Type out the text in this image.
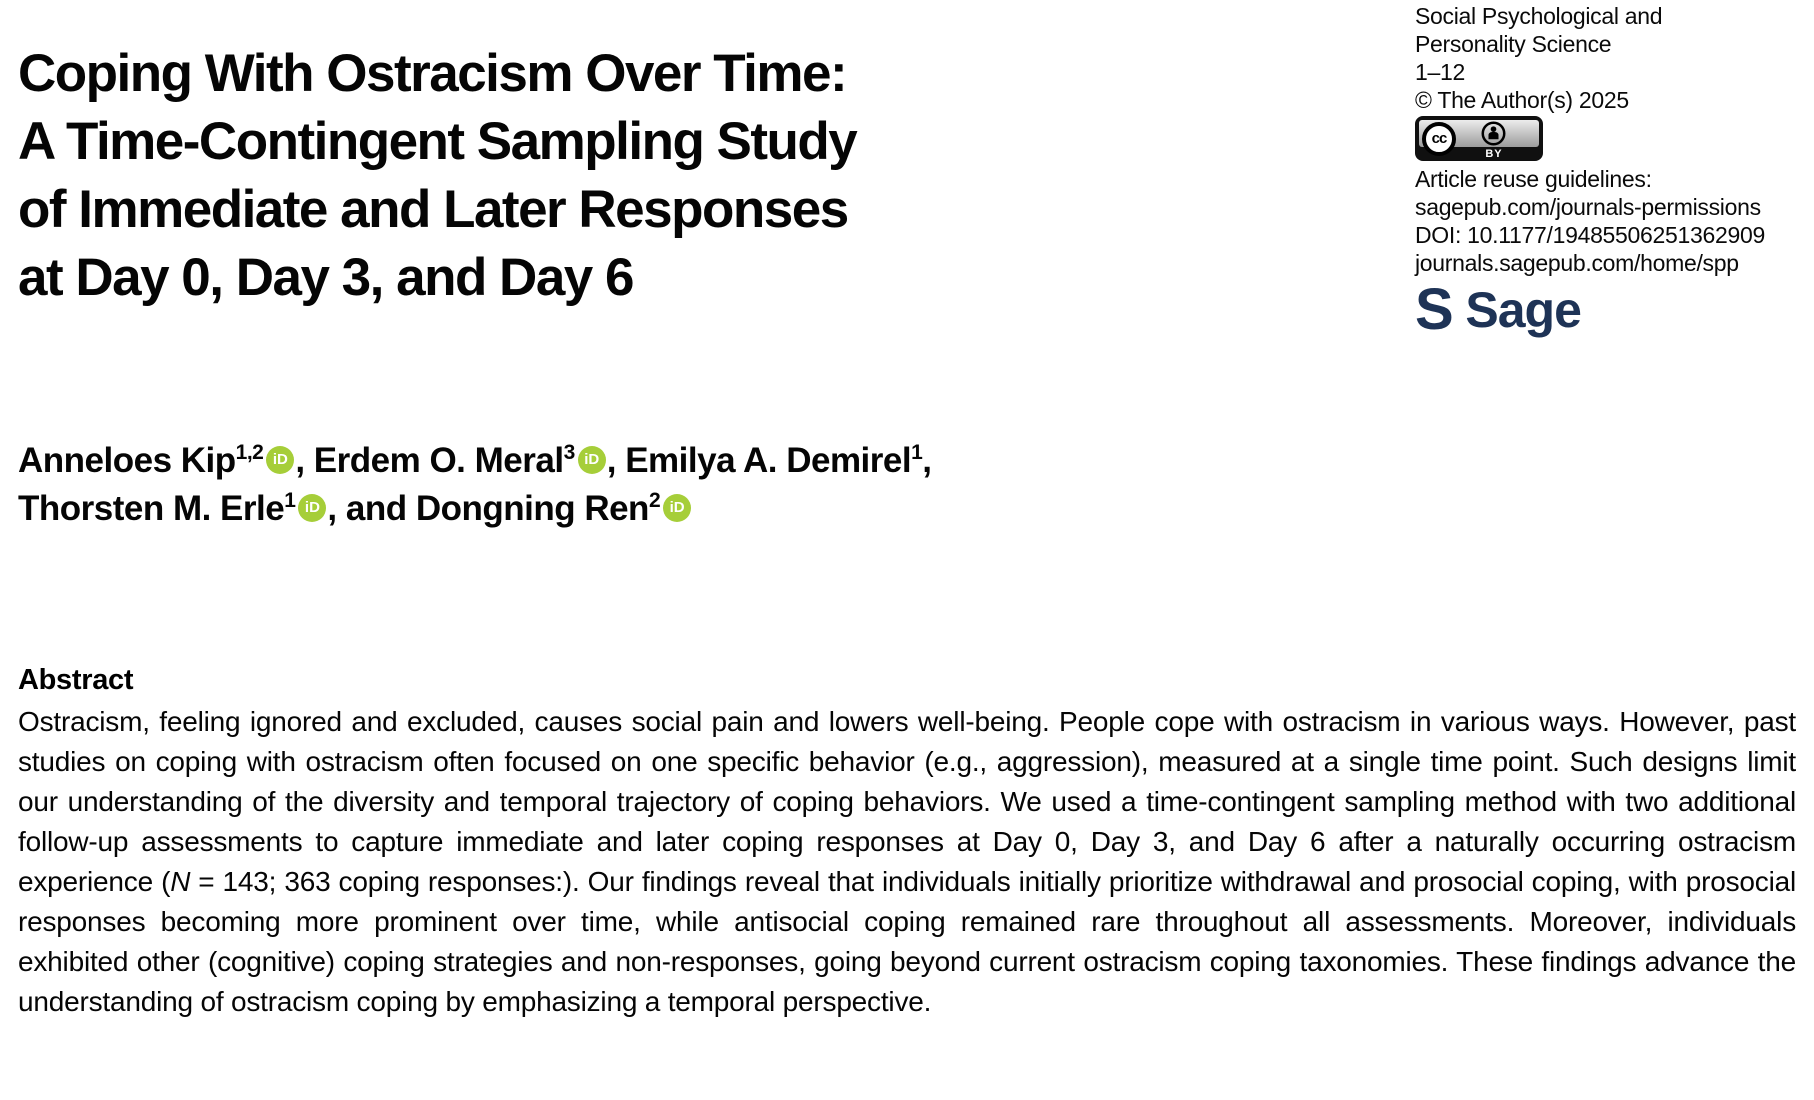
Coping With Ostracism Over Time:
A Time-Contingent Sampling Study
of Immediate and Later Responses
at Day 0, Day 3, and Day 6
Social Psychological and
Personality Science
1–12
© The Author(s) 2025
cc
BY
Article reuse guidelines:
sagepub.com/journals-permissions
DOI: 10.1177/19485506251362909
journals.sagepub.com/home/spp
S Sage
Anneloes Kip$^{1,2}$ iD , Erdem O. Meral$^3$ iD , Emilya A. Demirel$^1$,
Thorsten M. Erle$^1$ iD , and Dongning Ren$^2$ iD
Abstract

Ostracism, feeling ignored and excluded, causes social pain and lowers well-being. People cope with ostracism in various ways. However, past studies on coping with ostracism often focused on one specific behavior (e.g., aggression), measured at a single time point. Such designs limit our understanding of the diversity and temporal trajectory of coping behaviors. We used a time-contingent sampling method with two additional follow-up assessments to capture immediate and later coping responses at Day 0, Day 3, and Day 6 after a naturally occurring ostracism experience (N = 143; 363 coping responses:). Our findings reveal that individuals initially prioritize withdrawal and prosocial coping, with prosocial responses becoming more prominent over time, while antisocial coping remained rare throughout all assessments. Moreover, individuals exhibited other (cognitive) coping strategies and non-responses, going beyond current ostracism coping taxonomies. These findings advance the understanding of ostracism coping by emphasizing a temporal perspective.
